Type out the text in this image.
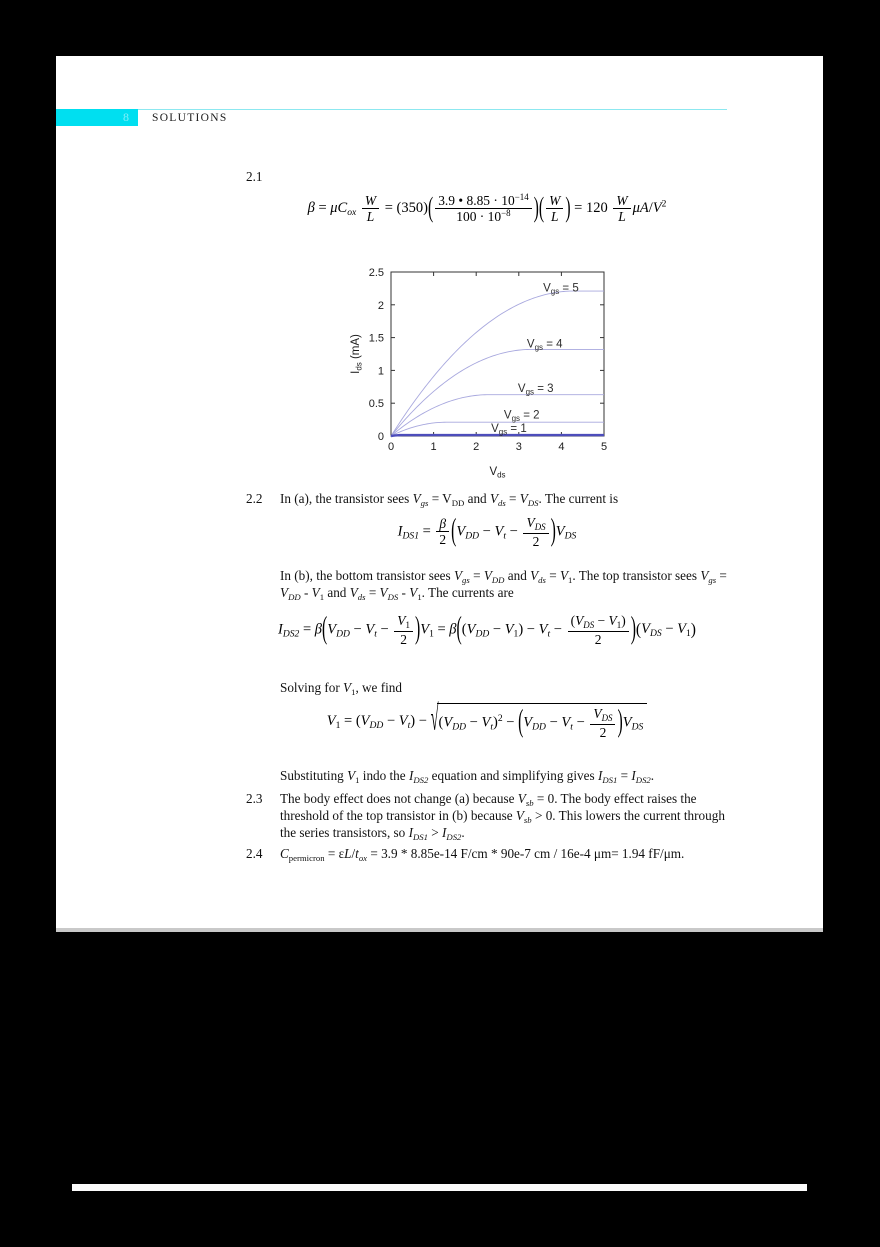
8	SOLUTIONS
2.1
$\beta = \mu C_{ox} \frac{W}{L} = (350)( \frac{3.9 • 8.85 \cdot 10^{-14}}{100 \cdot 10^{-8}}$ )( $\frac{W}{L}$ ) = $120 \frac{W}{L} \mu A/V^2$
0	1	2	3	4	5
0
0.5
1
1.5
2
2.5
$V_{gs} = 5$
$V_{gs} = 4$
$V_{gs} = 3$
$V_{gs} = 2$
$V_{gs} = 1$
$V_{ds}$
$I_{ds}$ (mA)
2.2 In (a), the transistor sees $V_{gs} = V_{DD}$ and $V_{ds} = V_{DS}$. The current is
$I_{DS1} = \frac{\beta}{2} (V_{DD} - V_t - \frac{V_{DS}}{2} )V_{DS}$
In (b), the bottom transistor sees $V_{gs} = V_{DD}$ and $V_{ds} = V_1$. The top transistor sees $V_{gs} = V_{DD} - V_1$ and $V_{ds} = V_{DS} - V_1$. The currents are
$I_{DS2} = \beta(V_{DD} - V_t - \frac{V_1}{2} )V_1 = \beta((V_{DD} - V_1) - V_t - \frac{(V_{DS} - V_1)}{2} )(V_{DS} - V_1)$
Solving for $V_1$, we find
$V_1 = (V_{DD} - V_t) - √(V_{DD} - V_t)^2 - (V_{DD} - V_t - \frac{V_{DS}}{2} )V_{DS}$
Substituting $V_1$ indo the $I_{DS2}$ equation and simplifying gives $I_{DS1} = I_{DS2}$.
2.3 The body effect does not change (a) because $V_{sb} = 0$. The body effect raises the threshold of the top transistor in (b) because $V_{sb} > 0$. This lowers the current through the series transistors, so $I_{DS1} > I_{DS2}$.
2.4 $C_{permicron} = \varepsilon L/t_{ox} = 3.9 * 8.85e-14$ F/cm * 90e-7 cm / 16e-4 μm= 1.94 fF/μm.
